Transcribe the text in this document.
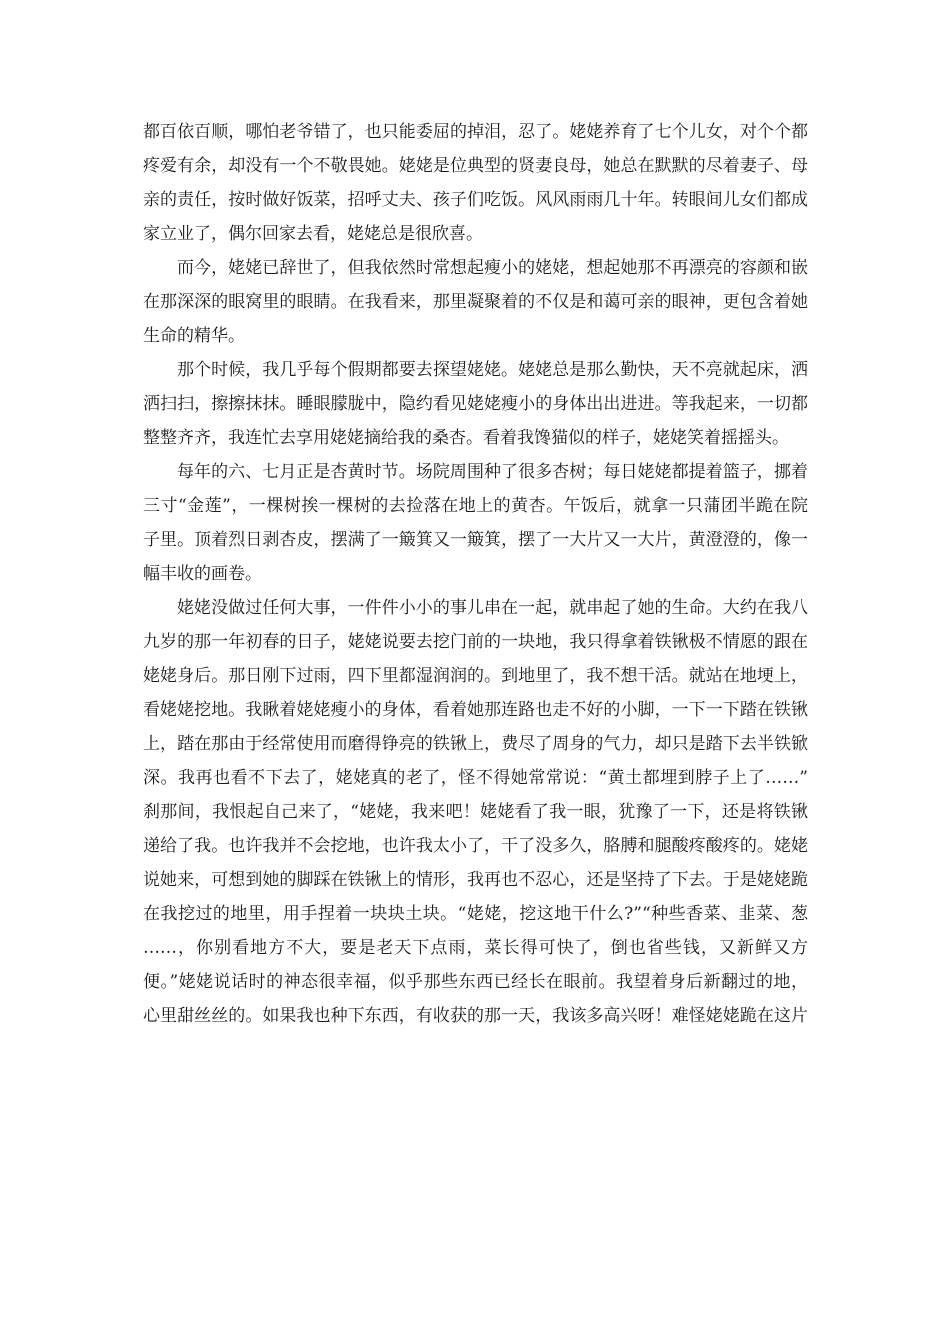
都百依百顺，哪怕老爷错了，也只能委屈的掉泪，忍了。姥姥养育了七个儿女，对个个都
疼爱有余，却没有一个不敬畏她。姥姥是位典型的贤妻良母，她总在默默的尽着妻子、母
亲的责任，按时做好饭菜，招呼丈夫、孩子们吃饭。风风雨雨几十年。转眼间儿女们都成
家立业了，偶尔回家去看，姥姥总是很欣喜。
而今，姥姥已辞世了，但我依然时常想起瘦小的姥姥，想起她那不再漂亮的容颜和嵌
在那深深的眼窝里的眼睛。在我看来，那里凝聚着的不仅是和蔼可亲的眼神，更包含着她
生命的精华。
那个时候，我几乎每个假期都要去探望姥姥。姥姥总是那么勤快，天不亮就起床，洒
洒扫扫，擦擦抹抹。睡眼朦胧中，隐约看见姥姥瘦小的身体出出进进。等我起来，一切都
整整齐齐，我连忙去享用姥姥摘给我的桑杏。看着我馋猫似的样子，姥姥笑着摇摇头。
每年的六、七月正是杏黄时节。场院周围种了很多杏树；每日姥姥都提着篮子，挪着
三寸“金莲”，一棵树挨一棵树的去捡落在地上的黄杏。午饭后，就拿一只蒲团半跪在院
子里。顶着烈日剥杏皮，摆满了一簸箕又一簸箕，摆了一大片又一大片，黄澄澄的，像一
幅丰收的画卷。
姥姥没做过任何大事，一件件小小的事儿串在一起，就串起了她的生命。大约在我八
九岁的那一年初春的日子，姥姥说要去挖门前的一块地，我只得拿着铁锹极不情愿的跟在
姥姥身后。那日刚下过雨，四下里都湿润润的。到地里了，我不想干活。就站在地埂上，
看姥姥挖地。我瞅着姥姥瘦小的身体，看着她那连路也走不好的小脚，一下一下踏在铁锹
上，踏在那由于经常使用而磨得铮亮的铁锹上，费尽了周身的气力，却只是踏下去半铁锨
深。我再也看不下去了，姥姥真的老了，怪不得她常常说：“黄土都埋到脖子上了……”
刹那间，我恨起自己来了，“姥姥，我来吧！姥姥看了我一眼，犹豫了一下，还是将铁锹
递给了我。也许我并不会挖地，也许我太小了，干了没多久，胳膊和腿酸疼酸疼的。姥姥
说她来，可想到她的脚踩在铁锹上的情形，我再也不忍心，还是坚持了下去。于是姥姥跪
在我挖过的地里，用手捏着一块块土块。“姥姥，挖这地干什么?”“种些香菜、韭菜、葱
……，你别看地方不大，要是老天下点雨，菜长得可快了，倒也省些钱，又新鲜又方
便。”姥姥说话时的神态很幸福，似乎那些东西已经长在眼前。我望着身后新翻过的地，
心里甜丝丝的。如果我也种下东西，有收获的那一天，我该多高兴呀！难怪姥姥跪在这片
